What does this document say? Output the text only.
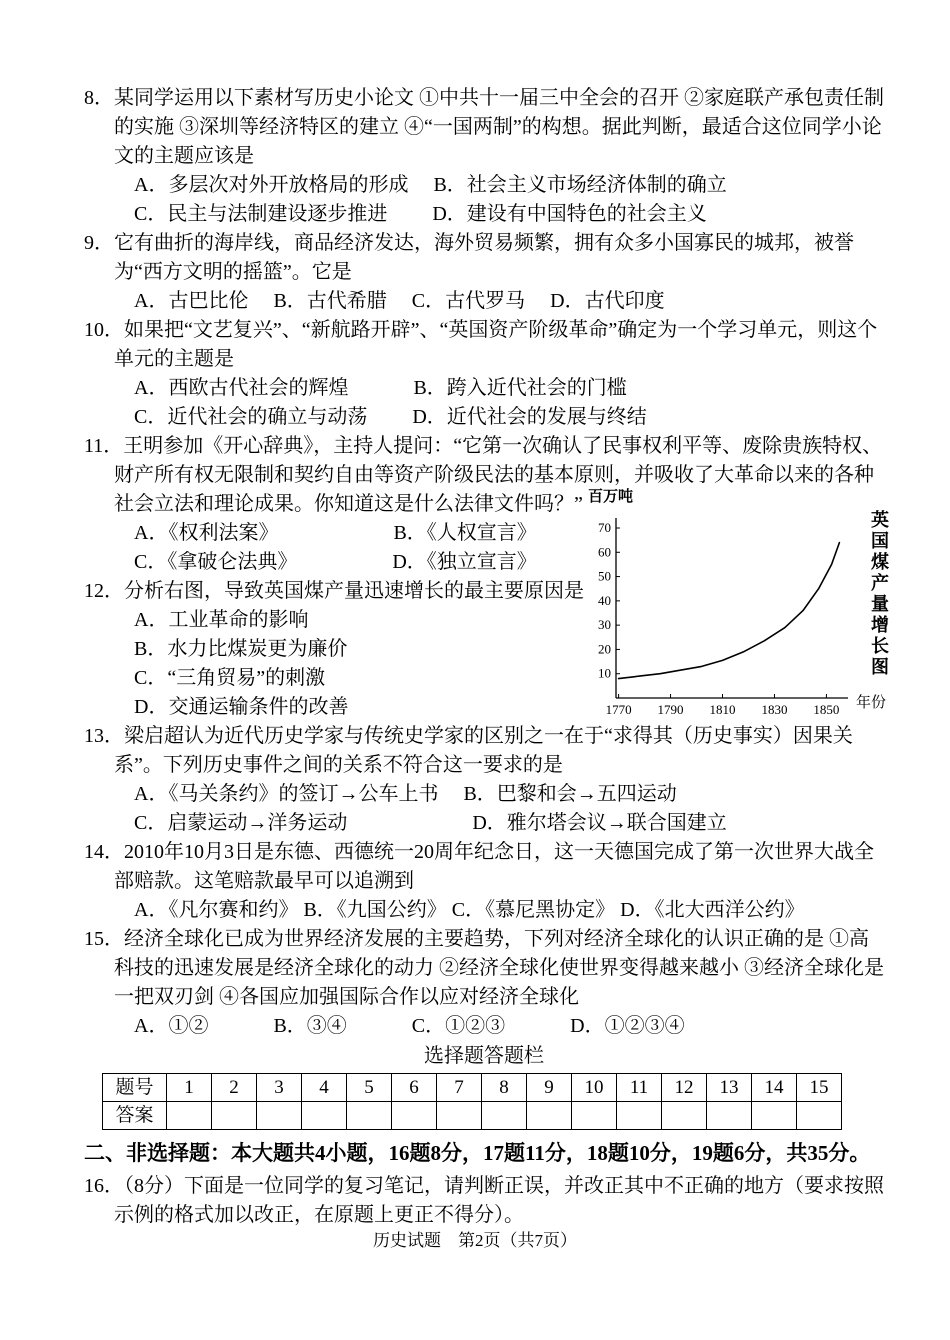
8．某同学运用以下素材写历史小论文 ①中共十一届三中全会的召开 ②家庭联产承包责任制的实施 ③深圳等经济特区的建立 ④“一国两制”的构想。据此判断，最适合这位同学小论文的主题应该是

A．多层次对外开放格局的形成　 B．社会主义市场经济体制的确立

C．民主与法制建设逐步推进　　 D．建设有中国特色的社会主义

9．它有曲折的海岸线，商品经济发达，海外贸易频繁，拥有众多小国寡民的城邦，被誉为“西方文明的摇篮”。它是

A．古巴比伦　 B．古代希腊　 C．古代罗马　 D．古代印度

10．如果把“文艺复兴”、“新航路开辟”、“英国资产阶级革命”确定为一个学习单元，则这个单元的主题是

A．西欧古代社会的辉煌　　　 B．跨入近代社会的门槛

C．近代社会的确立与动荡　　 D．近代社会的发展与终结

11．王明参加《开心辞典》，主持人提问：“它第一次确认了民事权利平等、废除贵族特权、财产所有权无限制和契约自由等资产阶级民法的基本原则，并吸收了大革命以来的各种社会立法和理论成果。你知道这是什么法律文件吗？”

A．《权利法案》　　　　　　 B．《人权宣言》

C．《拿破仑法典》　　　　　 D．《独立宣言》

12．分析右图，导致英国煤产量迅速增长的最主要原因是

A．工业革命的影响

B．水力比煤炭更为廉价

C．“三角贸易”的刺激

D．交通运输条件的改善

百万吨
10
20
30
40
50
60
70
1770 1790 1810 1830 1850
英国煤产量增长图
年份

13．梁启超认为近代历史学家与传统史学家的区别之一在于“求得其（历史事实）因果关系”。下列历史事件之间的关系不符合这一要求的是

A．《马关条约》的签订→公车上书　 B．巴黎和会→五四运动

C．启蒙运动→洋务运动　　　　　　 D．雅尔塔会议→联合国建立

14．2010年10月3日是东德、西德统一20周年纪念日，这一天德国完成了第一次世界大战全部赔款。这笔赔款最早可以追溯到

A．《凡尔赛和约》 B．《九国公约》 C．《慕尼黑协定》 D．《北大西洋公约》

15．经济全球化已成为世界经济发展的主要趋势，下列对经济全球化的认识正确的是 ①高科技的迅速发展是经济全球化的动力 ②经济全球化使世界变得越来越小 ③经济全球化是一把双刃剑 ④各国应加强国际合作以应对经济全球化

A．①②　　　 B．③④　　　 C．①②③　　　 D．①②③④

选择题答题栏
题号	1	2	3	4	5	6	7	8	9	10	11	12	13	14	15
答案															
二、非选择题：本大题共4小题，16题8分，17题11分，18题10分，19题6分，共35分。

16．（8分）下面是一位同学的复习笔记，请判断正误，并改正其中不正确的地方（要求按照示例的格式加以改正，在原题上更正不得分）。

历史试题　第2页（共7页）
